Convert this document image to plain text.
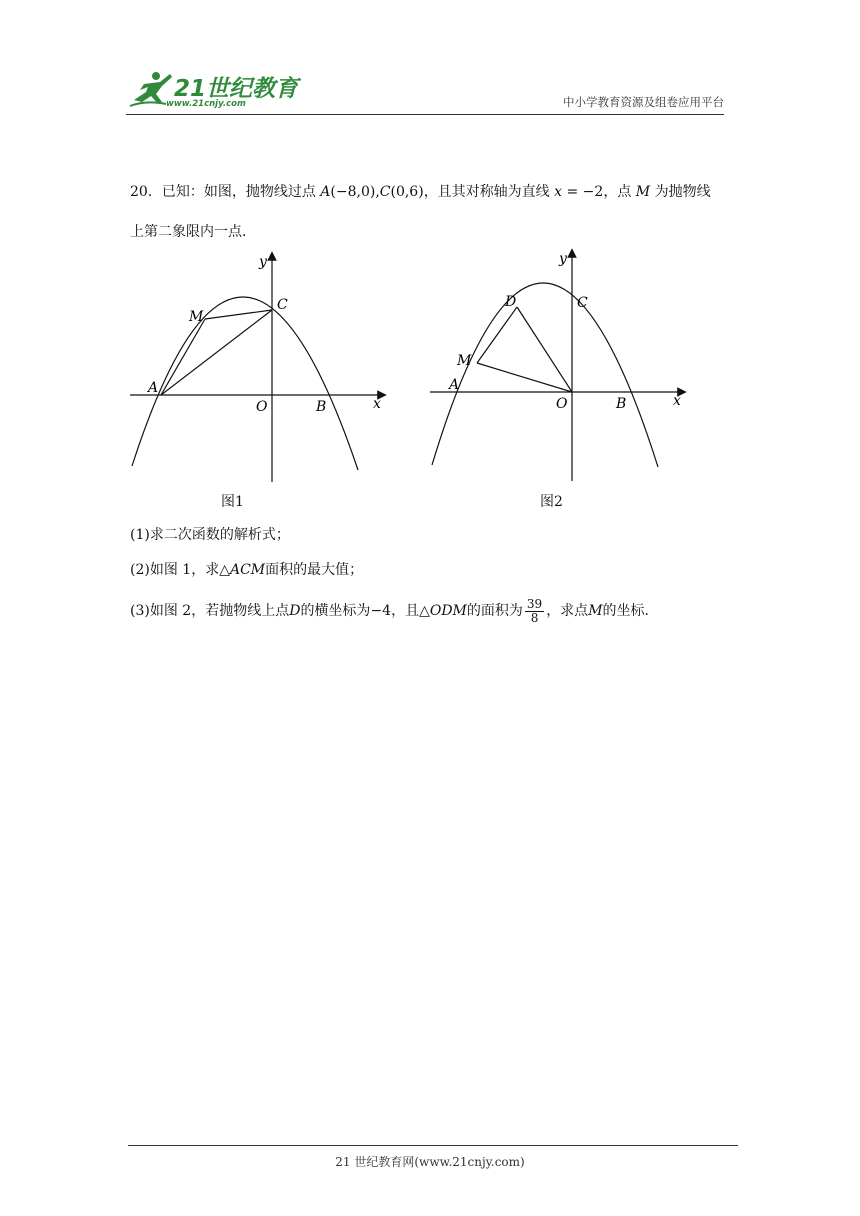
21世纪教育
www.21cnjy.com	中小学教育资源及组卷应用平台
20．已知：如图，抛物线过点 A(−8,0),C(0,6)，且其对称轴为直线 x = −2，点 M 为抛物线
上第二象限内一点．
y
x
O
A
B
C
M
图1
y
x
O
A
B
C
D
M
图2
(1)求二次函数的解析式；
(2)如图 1，求△ACM面积的最大值；
(3)如图 2，若抛物线上点D的横坐标为−4，且△ODM的面积为 $\frac{39}{8}$ ，求点M的坐标．
21 世纪教育网(www.21cnjy.com)
